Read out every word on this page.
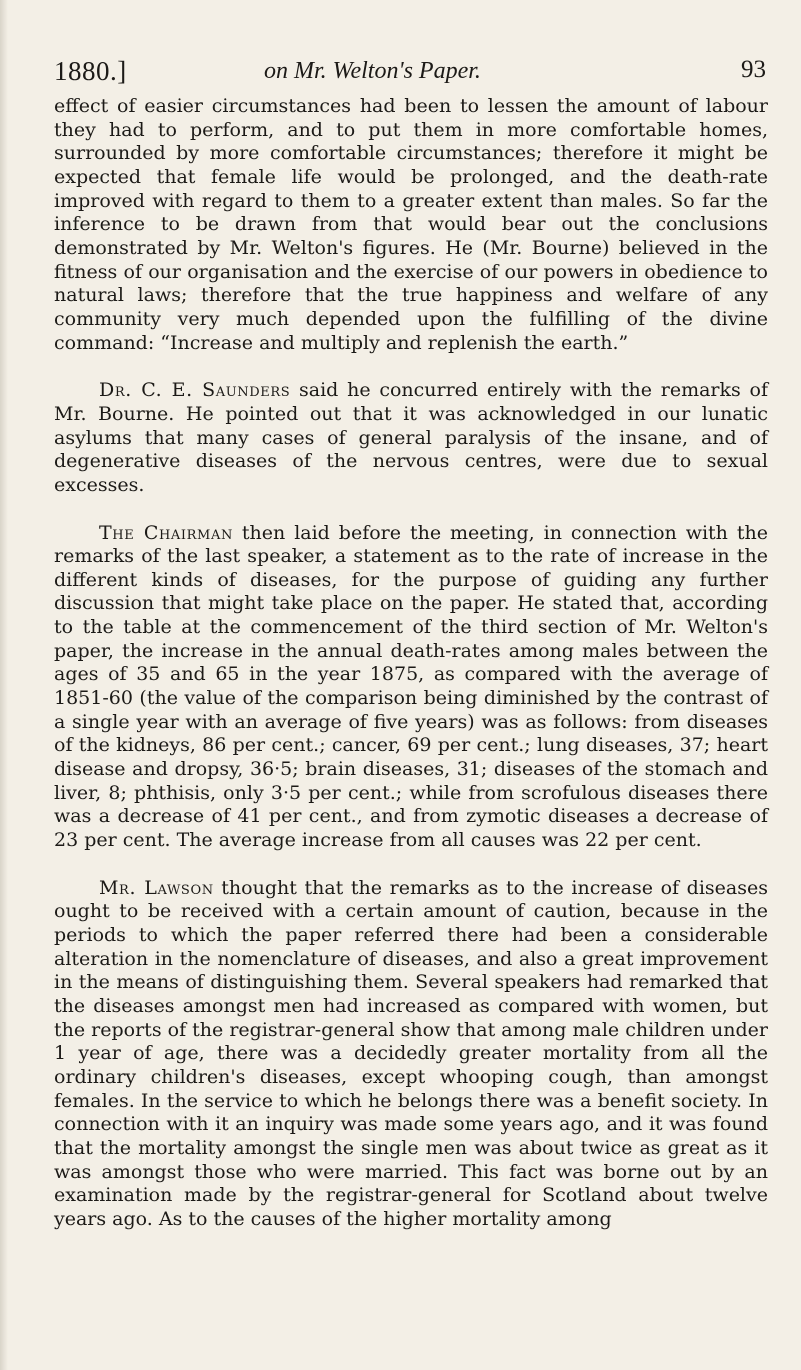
1880.]	on Mr. Welton's Paper.	93

effect of easier circumstances had been to lessen the amount of labour they had to perform, and to put them in more comfortable homes, surrounded by more comfortable circumstances; therefore it might be expected that female life would be prolonged, and the death-rate improved with regard to them to a greater extent than males. So far the inference to be drawn from that would bear out the conclusions demonstrated by Mr. Welton's figures. He (Mr. Bourne) believed in the fitness of our organisation and the exercise of our powers in obedience to natural laws; therefore that the true happiness and welfare of any community very much depended upon the fulfilling of the divine command: “Increase and multiply and replenish the earth.”

Dr. C. E. Saunders said he concurred entirely with the remarks of Mr. Bourne. He pointed out that it was acknowledged in our lunatic asylums that many cases of general paralysis of the insane, and of degenerative diseases of the nervous centres, were due to sexual excesses.

The Chairman then laid before the meeting, in connection with the remarks of the last speaker, a statement as to the rate of increase in the different kinds of diseases, for the purpose of guiding any further discussion that might take place on the paper. He stated that, according to the table at the commencement of the third section of Mr. Welton's paper, the increase in the annual death-rates among males between the ages of 35 and 65 in the year 1875, as compared with the average of 1851-60 (the value of the comparison being diminished by the contrast of a single year with an average of five years) was as follows: from diseases of the kidneys, 86 per cent.; cancer, 69 per cent.; lung diseases, 37; heart disease and dropsy, 36·5; brain diseases, 31; diseases of the stomach and liver, 8; phthisis, only 3·5 per cent.; while from scrofulous diseases there was a decrease of 41 per cent., and from zymotic diseases a decrease of 23 per cent. The average increase from all causes was 22 per cent.

Mr. Lawson thought that the remarks as to the increase of diseases ought to be received with a certain amount of caution, because in the periods to which the paper referred there had been a considerable alteration in the nomenclature of diseases, and also a great improvement in the means of distinguishing them. Several speakers had remarked that the diseases amongst men had increased as compared with women, but the reports of the registrar-general show that among male children under 1 year of age, there was a decidedly greater mortality from all the ordinary children's diseases, except whooping cough, than amongst females. In the service to which he belongs there was a benefit society. In connection with it an inquiry was made some years ago, and it was found that the mortality amongst the single men was about twice as great as it was amongst those who were married. This fact was borne out by an examination made by the registrar-general for Scotland about twelve years ago. As to the causes of the higher mortality among
